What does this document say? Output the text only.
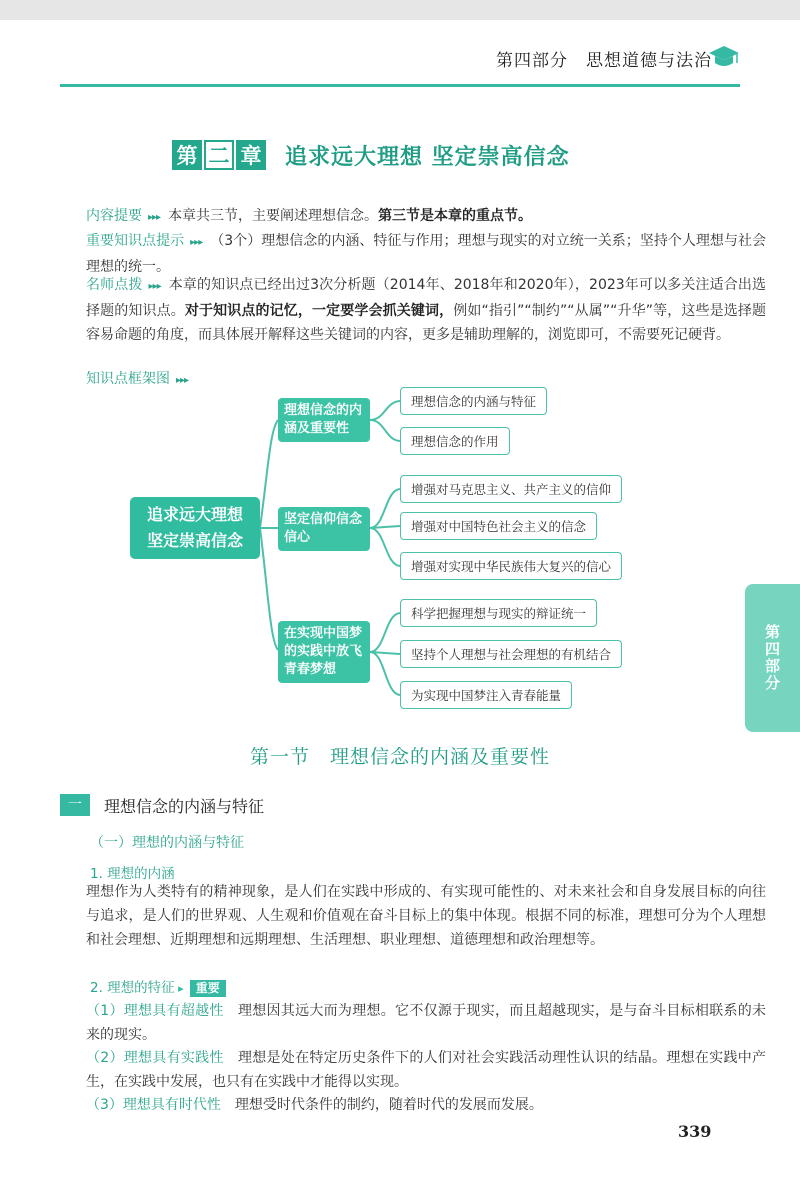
第四部分　思想道德与法治
第 二 章 追求远大理想 坚定崇高信念
内容提要 ▸▸▸ 本章共三节，主要阐述理想信念。第三节是本章的重点节。
重要知识点提示 ▸▸▸ （3个）理想信念的内涵、特征与作用；理想与现实的对立统一关系；坚持个人理想与社会理想的统一。
名师点拨 ▸▸▸ 本章的知识点已经出过3次分析题（2014年、2018年和2020年），2023年可以多关注适合出选择题的知识点。对于知识点的记忆，一定要学会抓关键词，例如“指引”“制约”“从属”“升华”等，这些是选择题容易命题的角度，而具体展开解释这些关键词的内容，更多是辅助理解的，浏览即可，不需要死记硬背。
知识点框架图 ▸▸▸
追求远大理想
坚定崇高信念
理想信念的内涵及重要性
坚定信仰信念信心
在实现中国梦的实践中放飞青春梦想
理想信念的内涵与特征
理想信念的作用
增强对马克思主义、共产主义的信仰
增强对中国特色社会主义的信念
增强对实现中华民族伟大复兴的信心
科学把握理想与现实的辩证统一
坚持个人理想与社会理想的有机结合
为实现中国梦注入青春能量
第一节　理想信念的内涵及重要性
一	理想信念的内涵与特征
（一）理想的内涵与特征
1. 理想的内涵
理想作为人类特有的精神现象，是人们在实践中形成的、有实现可能性的、对未来社会和自身发展目标的向往与追求，是人们的世界观、人生观和价值观在奋斗目标上的集中体现。根据不同的标准，理想可分为个人理想和社会理想、近期理想和远期理想、生活理想、职业理想、道德理想和政治理想等。
2. 理想的特征 ▸ 重要
（1）理想具有超越性　 理想因其远大而为理想。它不仅源于现实，而且超越现实，是与奋斗目标相联系的未来的现实。
（2）理想具有实践性　 理想是处在特定历史条件下的人们对社会实践活动理性认识的结晶。理想在实践中产生，在实践中发展，也只有在实践中才能得以实现。
（3）理想具有时代性　 理想受时代条件的制约，随着时代的发展而发展。
339
第四部分
